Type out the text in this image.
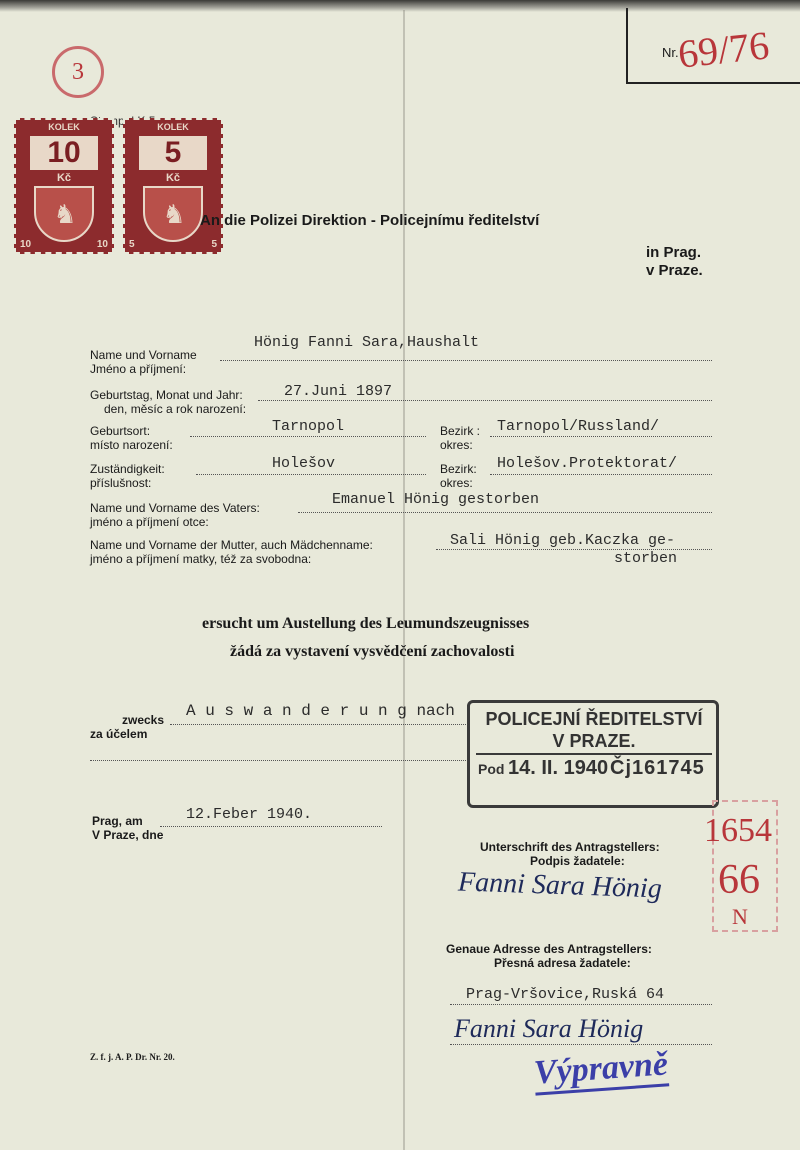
Nr.
69/76
3
KOLEK
10
Kč
♞
10	10
KOLEK
5
Kč
♞
5	5
An die Polizei Direktion - Policejnímu ředitelství
in Prag.
v Praze.
Name und Vorname
Jméno a příjmení:
Hönig Fanni Sara,Haushalt
Geburtstag, Monat und Jahr:
den, měsíc a rok narození:
27.Juni 1897
Geburtsort:
místo narození:
Tarnopol	Bezirk :
okres:
Tarnopol/Russland/
Zuständigkeit:
příslušnost:
Holešov	Bezirk:
okres:
Holešov.Protektorat/
Name und Vorname des Vaters:
jméno a příjmení otce:
Emanuel Hönig gestorben
Name und Vorname der Mutter, auch Mädchenname:
jméno a příjmení matky, též za svobodna:
Sali Hönig geb.Kaczka ge-
storben
ersucht um Austellung des Leumundszeugnisses
žádá za vystavení vysvědčení zachovalosti
zwecks
za účelem
A u s w a n d e r u n g nach	POLICEJNÍ ŘEDITELSTVÍ
V PRAZE.
Pod 14. II. 1940 Čj161745
1654
66
N
Prag, am
V Praze, dne
12.Feber 1940.
Unterschrift des Antragstellers:
Podpis žadatele:
Fanni Sara Hönig
Genaue Adresse des Antragstellers:
Přesná adresa žadatele:
Prag-Vršovice,Ruská 64
Fanni Sara Hönig
Výpravně
Z. f. j. A. P. Dr. Nr. 20.
